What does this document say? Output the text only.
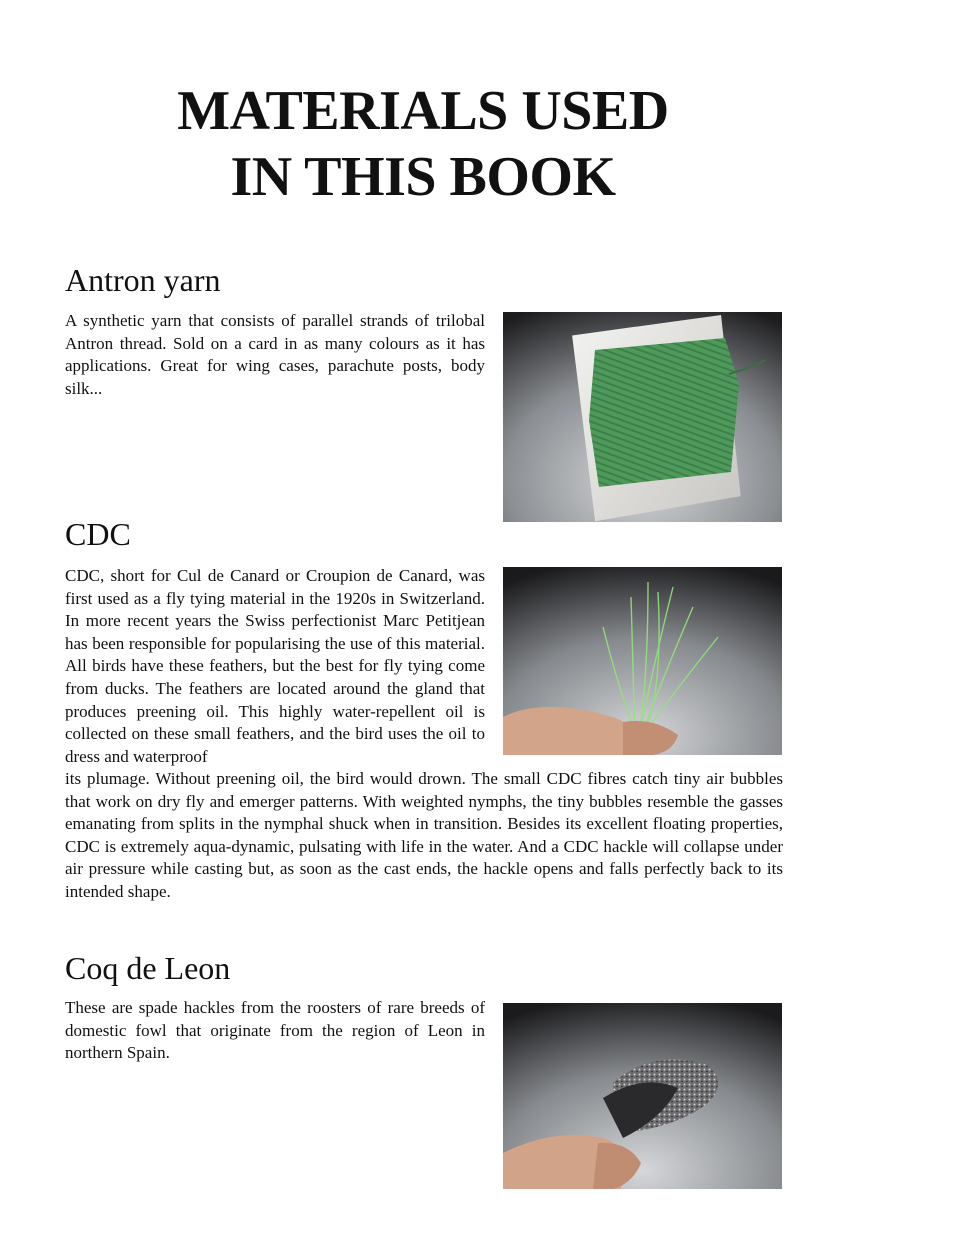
MATERIALS USED
IN THIS BOOK
Antron yarn

A synthetic yarn that consists of parallel strands of trilobal Antron thread. Sold on a card in as many colours as it has applications. Great for wing cases, parachute posts, body silk...

CDC

CDC, short for Cul de Canard or Croupion de Canard, was first used as a fly tying material in the 1920s in Switzerland. In more recent years the Swiss perfectionist Marc Petitjean has been responsible for popularising the use of this material. All birds have these feathers, but the best for fly tying come from ducks. The feathers are located around the gland that produces preening oil. This highly water-repellent oil is collected on these small feathers, and the bird uses the oil to dress and waterproof

its plumage. Without preening oil, the bird would drown. The small CDC fibres catch tiny air bubbles that work on dry fly and emerger patterns. With weighted nymphs, the tiny bubbles resemble the gasses emanating from splits in the nymphal shuck when in transition. Besides its excellent floating properties, CDC is extremely aqua-dynamic, pulsating with life in the water. And a CDC hackle will collapse under air pressure while casting but, as soon as the cast ends, the hackle opens and falls perfectly back to its intended shape.

Coq de Leon

These are spade hackles from the roosters of rare breeds of domestic fowl that originate from the region of Leon in northern Spain.
